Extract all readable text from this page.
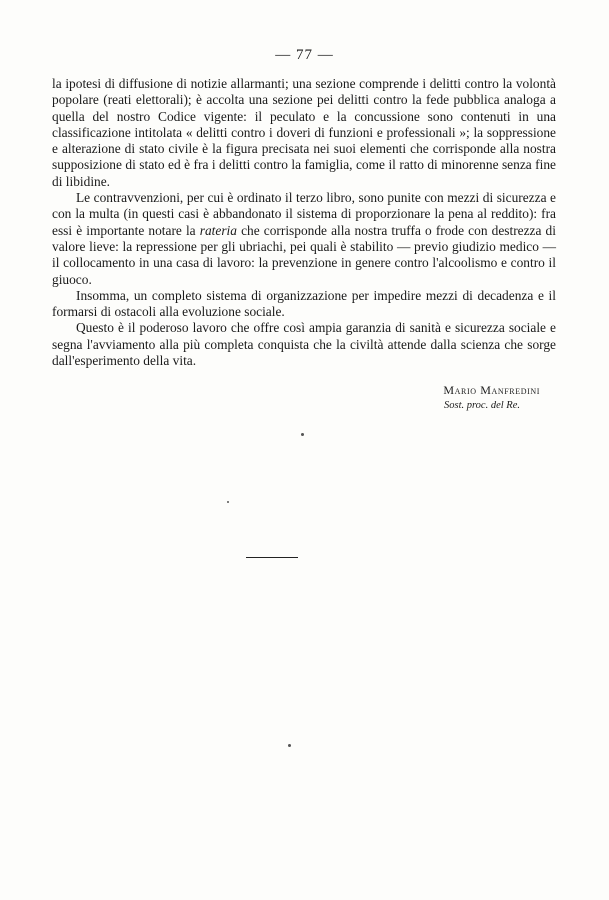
— 77 —

la ipotesi di diffusione di notizie allarmanti; una sezione comprende i delitti contro la volontà popolare (reati elettorali); è accolta una sezione pei delitti contro la fede pubblica analoga a quella del nostro Codice vigente: il peculato e la concussione sono contenuti in una classificazione intitolata « delitti contro i doveri di funzioni e professionali »; la soppressione e alterazione di stato civile è la figura precisata nei suoi elementi che corrisponde alla nostra supposizione di stato ed è fra i delitti contro la famiglia, come il ratto di minorenne senza fine di libidine.

Le contravvenzioni, per cui è ordinato il terzo libro, sono punite con mezzi di sicurezza e con la multa (in questi casi è abbandonato il sistema di proporzionare la pena al reddito): fra essi è importante notare la rateria che corrisponde alla nostra truffa o frode con destrezza di valore lieve: la repressione per gli ubriachi, pei quali è stabilito — previo giudizio medico — il collocamento in una casa di lavoro: la prevenzione in genere contro l'alcoolismo e contro il giuoco.

Insomma, un completo sistema di organizzazione per impedire mezzi di decadenza e il formarsi di ostacoli alla evoluzione sociale.

Questo è il poderoso lavoro che offre così ampia garanzia di sanità e sicurezza sociale e segna l'avviamento alla più completa conquista che la civiltà attende dalla scienza che sorge dall'esperimento della vita.

Mario Manfredini
Sost. proc. del Re.
